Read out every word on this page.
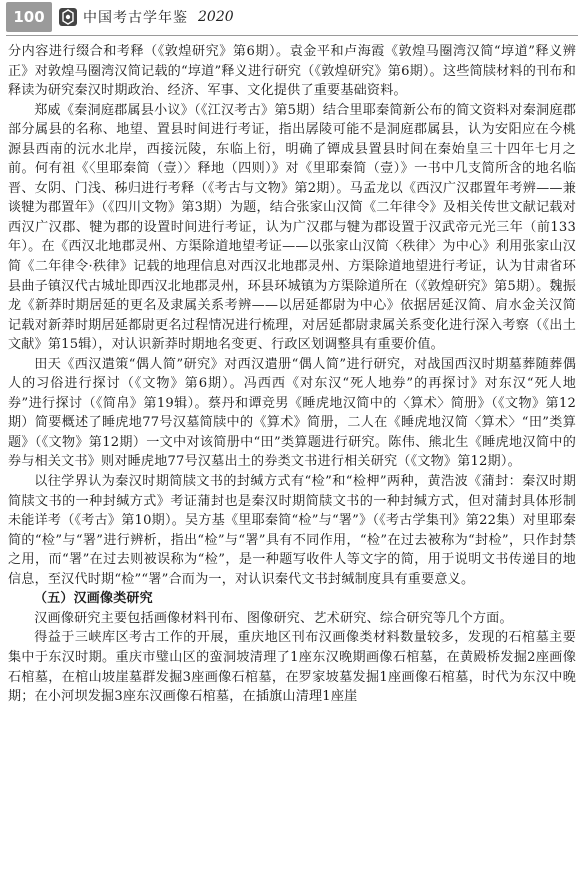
100	中国考古学年鉴 2020

分内容进行缀合和考释（《敦煌研究》第6期）。袁金平和卢海霞《敦煌马圈湾汉简“埻道”释义辨正》对敦煌马圈湾汉简记载的“埻道”释义进行研究（《敦煌研究》第6期）。这些简牍材料的刊布和释读为研究秦汉时期政治、经济、军事、文化提供了重要基础资料。

郑威《秦洞庭郡属县小议》（《江汉考古》第5期）结合里耶秦简新公布的简文资料对秦洞庭郡部分属县的名称、地望、置县时间进行考证，指出孱陵可能不是洞庭郡属县，认为安阳应在今桃源县西南的沅水北岸，西接沅陵，东临上衍，明确了镡成县置县时间在秦始皇三十四年七月之前。何有祖《〈里耶秦简（壹）〉释地（四则）》对《里耶秦简（壹）》一书中几支简所含的地名临晋、女阴、门浅、秭归进行考释（《考古与文物》第2期）。马孟龙以《西汉广汉郡置年考辨——兼谈犍为郡置年》（《四川文物》第3期）为题，结合张家山汉简《二年律令》及相关传世文献记载对西汉广汉郡、犍为郡的设置时间进行考证，认为广汉郡与犍为郡设置于汉武帝元光三年（前133年）。在《西汉北地郡灵州、方渠除道地望考证——以张家山汉简〈秩律〉为中心》利用张家山汉简《二年律令·秩律》记载的地理信息对西汉北地郡灵州、方渠除道地望进行考证，认为甘肃省环县曲子镇汉代古城址即西汉北地郡灵州，环县环城镇为方渠除道所在（《敦煌研究》第5期）。魏振龙《新莽时期居延的更名及隶属关系考辨——以居延都尉为中心》依据居延汉简、肩水金关汉简记载对新莽时期居延都尉更名过程情况进行梳理，对居延都尉隶属关系变化进行深入考察（《出土文献》第15辑），对认识新莽时期地名变更、行政区划调整具有重要价值。

田天《西汉遣策“偶人简”研究》对西汉遣册“偶人简”进行研究，对战国西汉时期墓葬随葬偶人的习俗进行探讨（《文物》第6期）。冯西西《对东汉“死人地券”的再探讨》对东汉“死人地券”进行探讨（《简帛》第19辑）。蔡丹和谭竞男《睡虎地汉简中的〈算术〉简册》（《文物》第12期）简要概述了睡虎地77号汉墓简牍中的《算术》简册，二人在《睡虎地汉简〈算术〉“田”类算题》（《文物》第12期）一文中对该简册中“田”类算题进行研究。陈伟、熊北生《睡虎地汉简中的券与相关文书》则对睡虎地77号汉墓出土的券类文书进行相关研究（《文物》第12期）。

以往学界认为秦汉时期简牍文书的封缄方式有“检”和“检柙”两种，黄浩波《蒲封：秦汉时期简牍文书的一种封缄方式》考证蒲封也是秦汉时期简牍文书的一种封缄方式，但对蒲封具体形制未能详考（《考古》第10期）。吴方基《里耶秦简“检”与“署”》（《考古学集刊》第22集）对里耶秦简的“检”与“署”进行辨析，指出“检”与“署”具有不同作用，“检”在过去被称为“封检”，只作封禁之用，而“署”在过去则被误称为“检”，是一种题写收件人等文字的简，用于说明文书传递目的地信息，至汉代时期“检”“署”合而为一，对认识秦代文书封缄制度具有重要意义。

（五）汉画像类研究

汉画像研究主要包括画像材料刊布、图像研究、艺术研究、综合研究等几个方面。

得益于三峡库区考古工作的开展，重庆地区刊布汉画像类材料数量较多，发现的石棺墓主要集中于东汉时期。重庆市璧山区的蛮洞坡清理了1座东汉晚期画像石棺墓，在黄殿桥发掘2座画像石棺墓，在棺山坡崖墓群发掘3座画像石棺墓，在罗家坡墓发掘1座画像石棺墓，时代为东汉中晚期；在小河坝发掘3座东汉画像石棺墓，在插旗山清理1座崖
